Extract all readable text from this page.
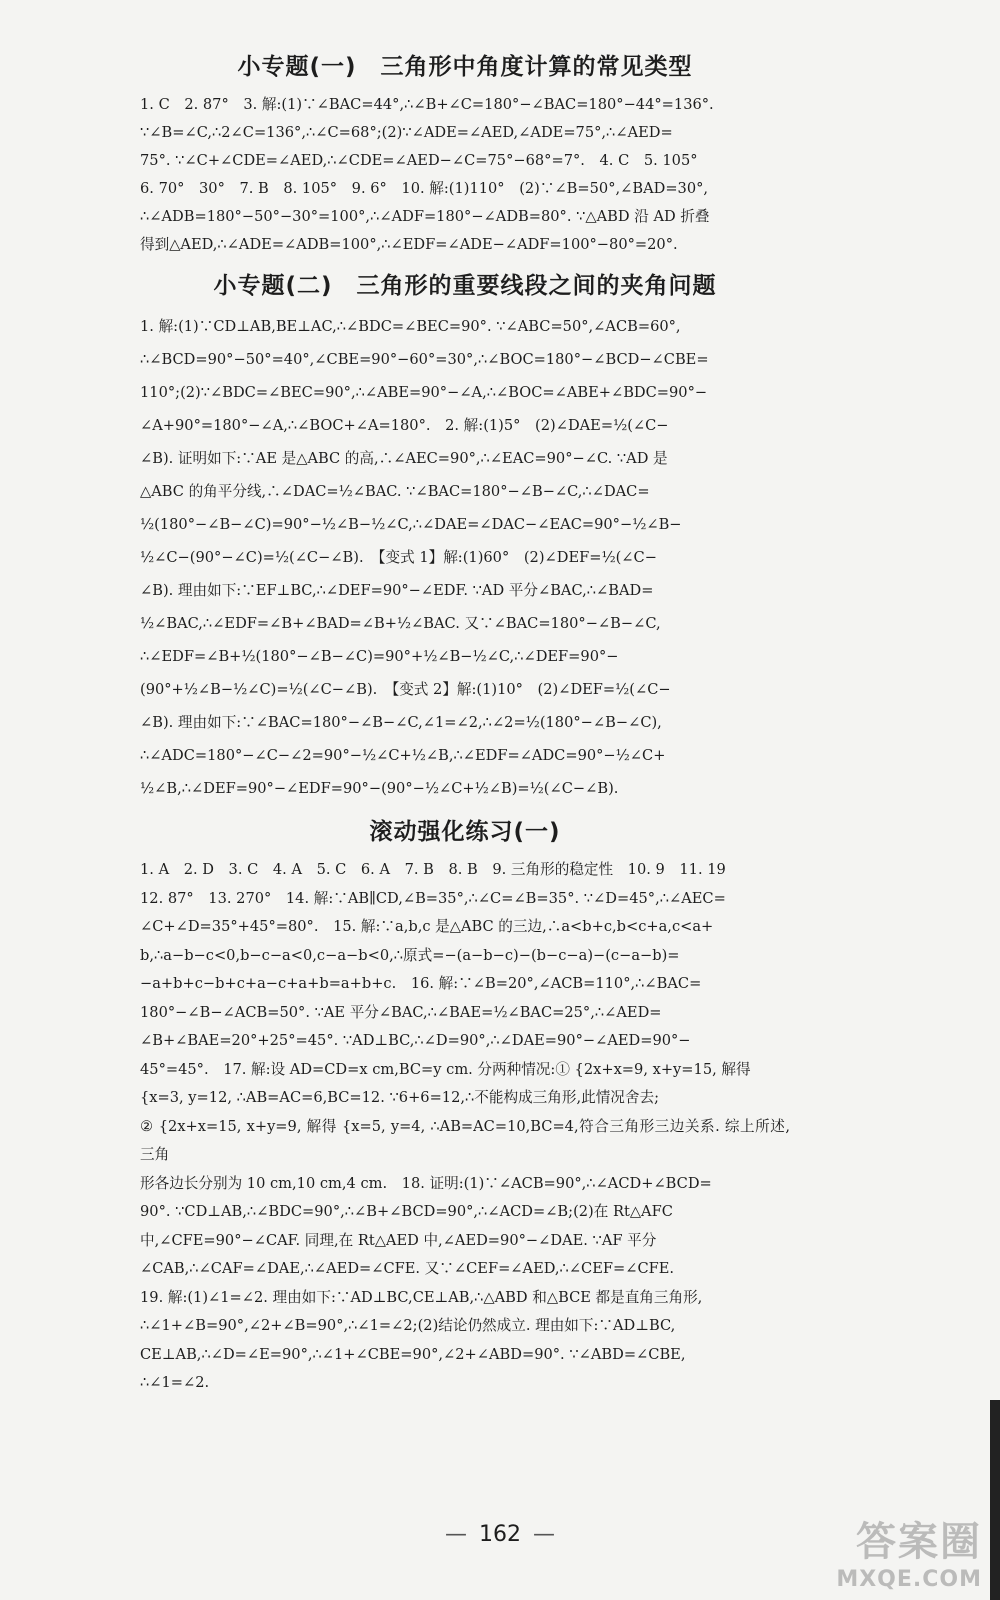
小专题(一)　三角形中角度计算的常见类型

1. C　2. 87°　3. 解:(1)∵∠BAC=44°,∴∠B+∠C=180°−∠BAC=180°−44°=136°.

∵∠B=∠C,∴2∠C=136°,∴∠C=68°;(2)∵∠ADE=∠AED,∠ADE=75°,∴∠AED=

75°. ∵∠C+∠CDE=∠AED,∴∠CDE=∠AED−∠C=75°−68°=7°.　4. C　5. 105°

6. 70°　30°　7. B　8. 105°　9. 6°　10. 解:(1)110°　(2)∵∠B=50°,∠BAD=30°,

∴∠ADB=180°−50°−30°=100°,∴∠ADF=180°−∠ADB=80°. ∵△ABD 沿 AD 折叠

得到△AED,∴∠ADE=∠ADB=100°,∴∠EDF=∠ADE−∠ADF=100°−80°=20°.

小专题(二)　三角形的重要线段之间的夹角问题

1. 解:(1)∵CD⊥AB,BE⊥AC,∴∠BDC=∠BEC=90°. ∵∠ABC=50°,∠ACB=60°,

∴∠BCD=90°−50°=40°,∠CBE=90°−60°=30°,∴∠BOC=180°−∠BCD−∠CBE=

110°;(2)∵∠BDC=∠BEC=90°,∴∠ABE=90°−∠A,∴∠BOC=∠ABE+∠BDC=90°−

∠A+90°=180°−∠A,∴∠BOC+∠A=180°.　2. 解:(1)5°　(2)∠DAE=½(∠C−

∠B). 证明如下:∵AE 是△ABC 的高,∴∠AEC=90°,∴∠EAC=90°−∠C. ∵AD 是

△ABC 的角平分线,∴∠DAC=½∠BAC. ∵∠BAC=180°−∠B−∠C,∴∠DAC=

½(180°−∠B−∠C)=90°−½∠B−½∠C,∴∠DAE=∠DAC−∠EAC=90°−½∠B−

½∠C−(90°−∠C)=½(∠C−∠B).　【变式 1】解:(1)60°　(2)∠DEF=½(∠C−

∠B). 理由如下:∵EF⊥BC,∴∠DEF=90°−∠EDF. ∵AD 平分∠BAC,∴∠BAD=

½∠BAC,∴∠EDF=∠B+∠BAD=∠B+½∠BAC. 又∵∠BAC=180°−∠B−∠C,

∴∠EDF=∠B+½(180°−∠B−∠C)=90°+½∠B−½∠C,∴∠DEF=90°−

(90°+½∠B−½∠C)=½(∠C−∠B).　【变式 2】解:(1)10°　(2)∠DEF=½(∠C−

∠B). 理由如下:∵∠BAC=180°−∠B−∠C,∠1=∠2,∴∠2=½(180°−∠B−∠C),

∴∠ADC=180°−∠C−∠2=90°−½∠C+½∠B,∴∠EDF=∠ADC=90°−½∠C+

½∠B,∴∠DEF=90°−∠EDF=90°−(90°−½∠C+½∠B)=½(∠C−∠B).

滚动强化练习(一)

1. A　2. D　3. C　4. A　5. C　6. A　7. B　8. B　9. 三角形的稳定性　10. 9　11. 19

12. 87°　13. 270°　14. 解:∵AB∥CD,∠B=35°,∴∠C=∠B=35°. ∵∠D=45°,∴∠AEC=

∠C+∠D=35°+45°=80°.　15. 解:∵a,b,c 是△ABC 的三边,∴a<b+c,b<c+a,c<a+

b,∴a−b−c<0,b−c−a<0,c−a−b<0,∴原式=−(a−b−c)−(b−c−a)−(c−a−b)=

−a+b+c−b+c+a−c+a+b=a+b+c.　16. 解:∵∠B=20°,∠ACB=110°,∴∠BAC=

180°−∠B−∠ACB=50°. ∵AE 平分∠BAC,∴∠BAE=½∠BAC=25°,∴∠AED=

∠B+∠BAE=20°+25°=45°. ∵AD⊥BC,∴∠D=90°,∴∠DAE=90°−∠AED=90°−

45°=45°.　17. 解:设 AD=CD=x cm,BC=y cm. 分两种情况:① {2x+x=9, x+y=15, 解得

{x=3, y=12, ∴AB=AC=6,BC=12. ∵6+6=12,∴不能构成三角形,此情况舍去;

② {2x+x=15, x+y=9, 解得 {x=5, y=4, ∴AB=AC=10,BC=4,符合三角形三边关系. 综上所述,三角

形各边长分别为 10 cm,10 cm,4 cm.　18. 证明:(1)∵∠ACB=90°,∴∠ACD+∠BCD=

90°. ∵CD⊥AB,∴∠BDC=90°,∴∠B+∠BCD=90°,∴∠ACD=∠B;(2)在 Rt△AFC

中,∠CFE=90°−∠CAF. 同理,在 Rt△AED 中,∠AED=90°−∠DAE. ∵AF 平分

∠CAB,∴∠CAF=∠DAE,∴∠AED=∠CFE. 又∵∠CEF=∠AED,∴∠CEF=∠CFE.

19. 解:(1)∠1=∠2. 理由如下:∵AD⊥BC,CE⊥AB,∴△ABD 和△BCE 都是直角三角形,

∴∠1+∠B=90°,∠2+∠B=90°,∴∠1=∠2;(2)结论仍然成立. 理由如下:∵AD⊥BC,

CE⊥AB,∴∠D=∠E=90°,∴∠1+∠CBE=90°,∠2+∠ABD=90°. ∵∠ABD=∠CBE,

∴∠1=∠2.

— 162 —	答案圈
MXQE.COM
